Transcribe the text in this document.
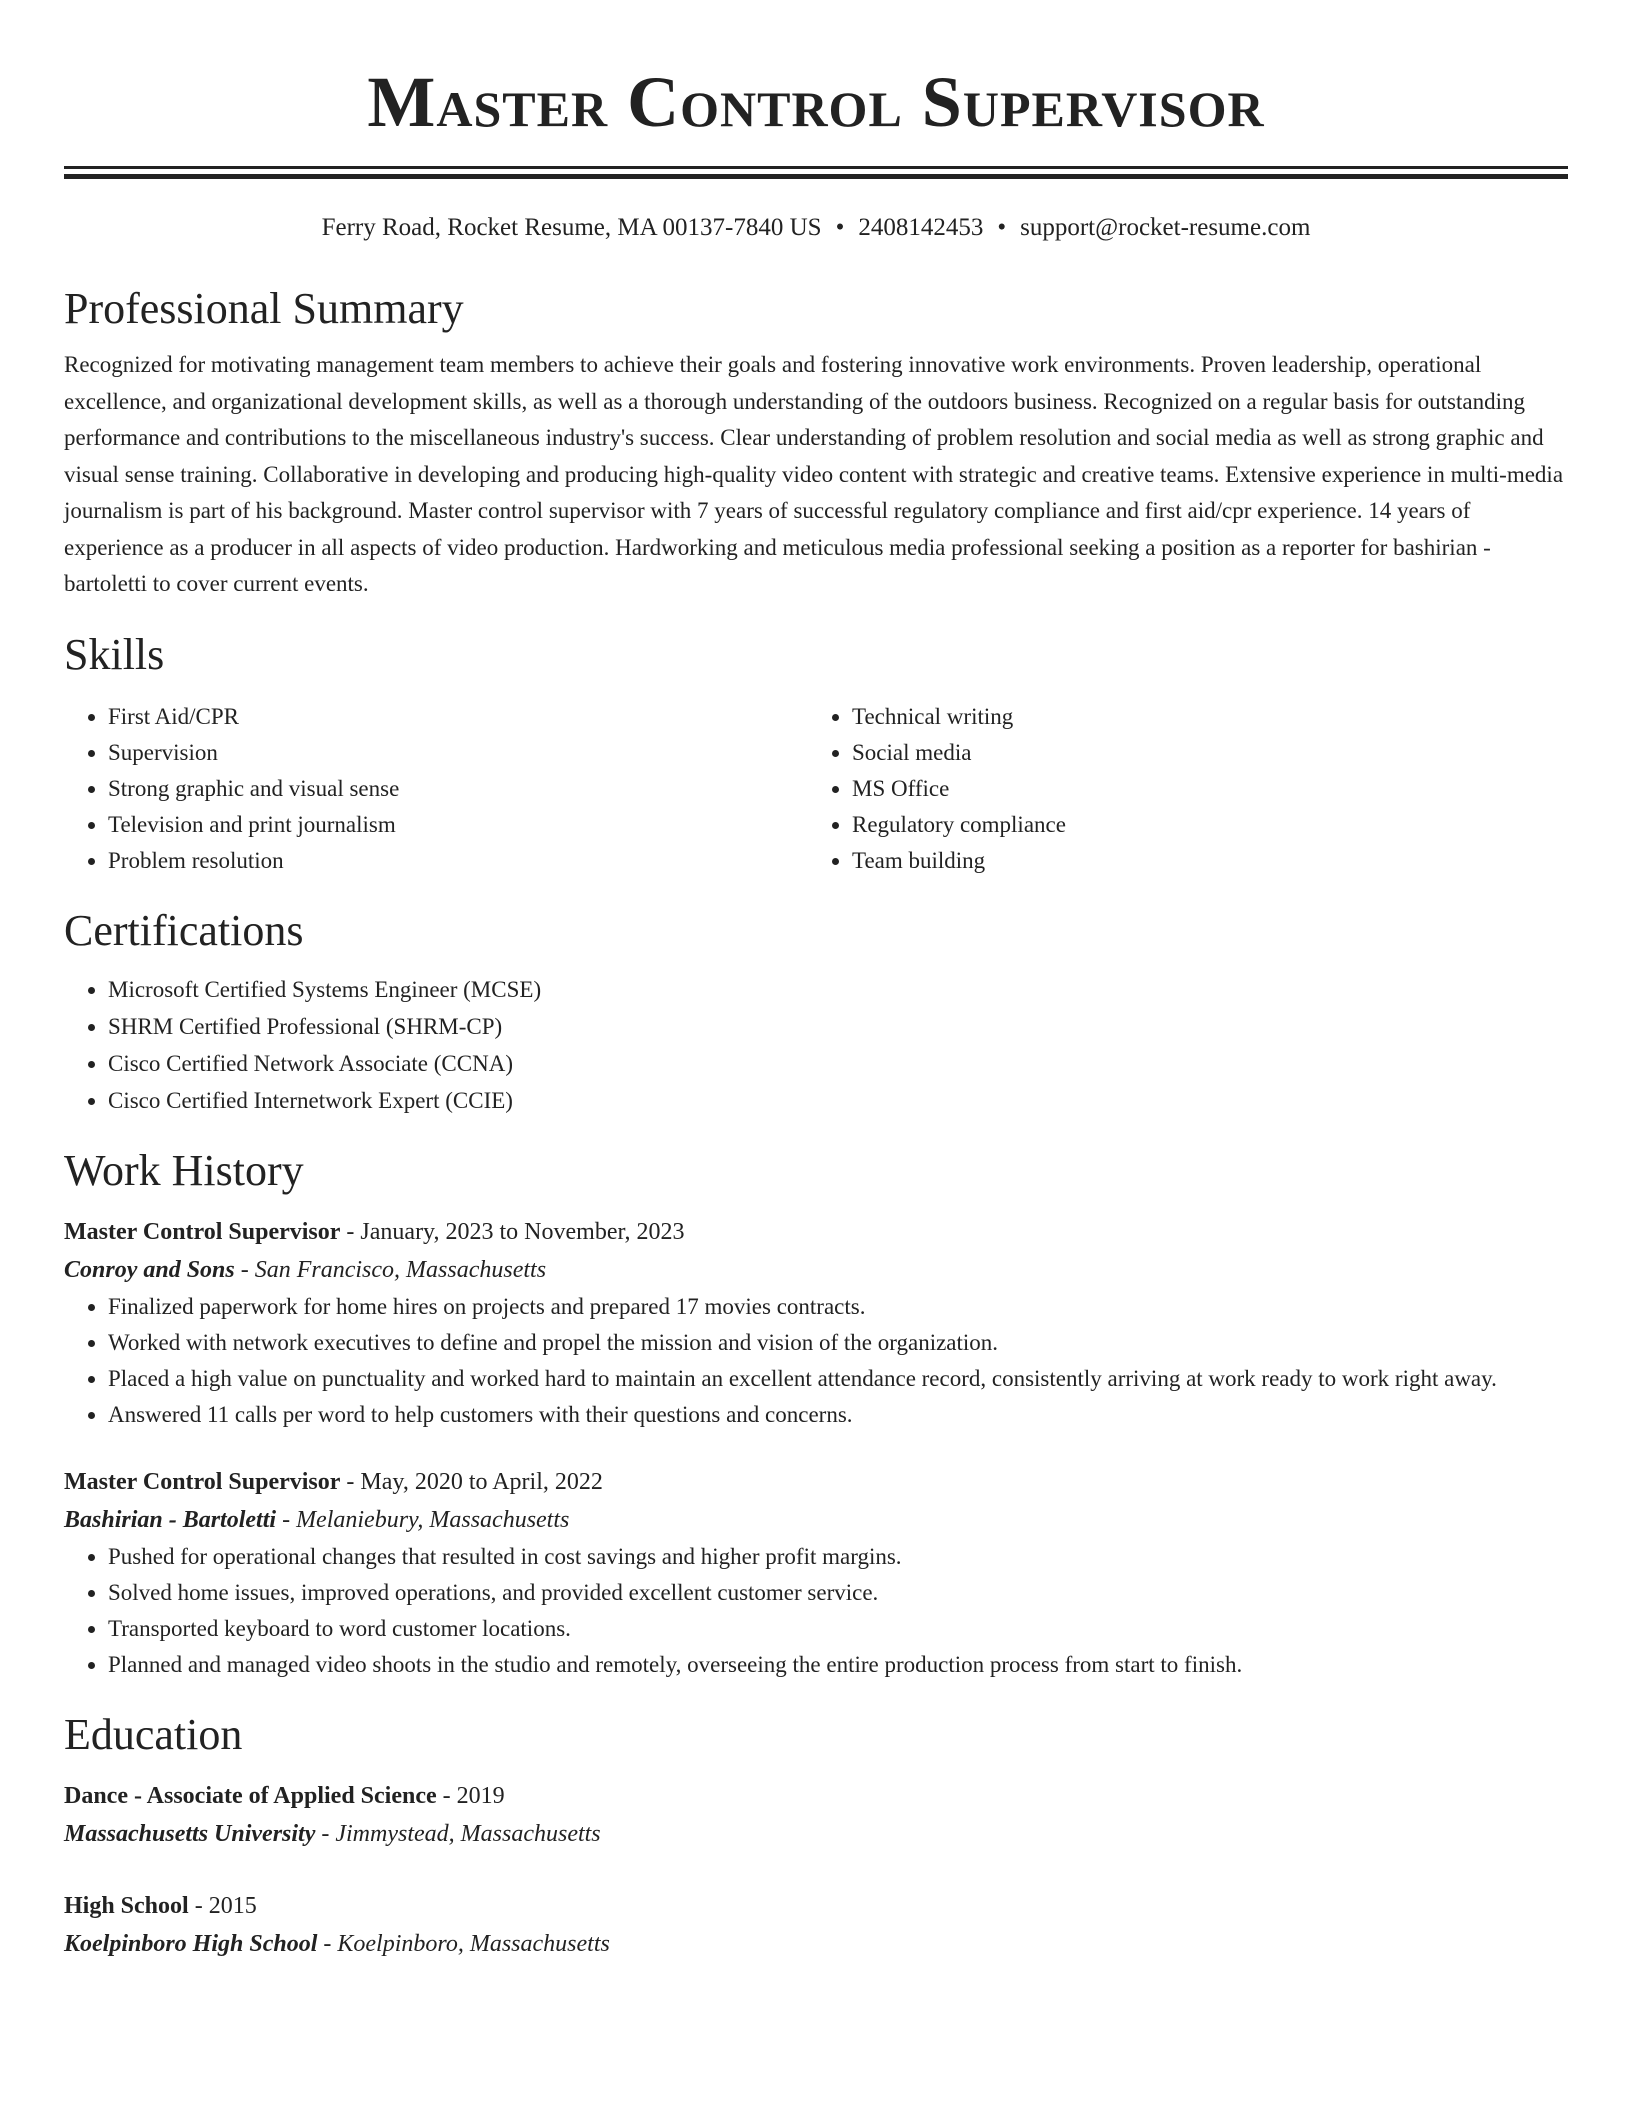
Master Control Supervisor
Ferry Road, Rocket Resume, MA 00137-7840 US • 2408142453 • support@rocket-resume.com
Professional Summary
Recognized for motivating management team members to achieve their goals and fostering innovative work environments. Proven leadership, operational excellence, and organizational development skills, as well as a thorough understanding of the outdoors business. Recognized on a regular basis for outstanding performance and contributions to the miscellaneous industry's success. Clear understanding of problem resolution and social media as well as strong graphic and visual sense training. Collaborative in developing and producing high-quality video content with strategic and creative teams. Extensive experience in multi-media journalism is part of his background. Master control supervisor with 7 years of successful regulatory compliance and first aid/cpr experience. 14 years of experience as a producer in all aspects of video production. Hardworking and meticulous media professional seeking a position as a reporter for bashirian - bartoletti to cover current events.
Skills
• First Aid/CPR
• Supervision
• Strong graphic and visual sense
• Television and print journalism
• Problem resolution
• Technical writing
• Social media
• MS Office
• Regulatory compliance
• Team building
Certifications
• Microsoft Certified Systems Engineer (MCSE)
• SHRM Certified Professional (SHRM-CP)
• Cisco Certified Network Associate (CCNA)
• Cisco Certified Internetwork Expert (CCIE)
Work History
Master Control Supervisor - January, 2023 to November, 2023
Conroy and Sons - San Francisco, Massachusetts
• Finalized paperwork for home hires on projects and prepared 17 movies contracts.
• Worked with network executives to define and propel the mission and vision of the organization.
• Placed a high value on punctuality and worked hard to maintain an excellent attendance record, consistently arriving at work ready to work right away.
• Answered 11 calls per word to help customers with their questions and concerns.
Master Control Supervisor - May, 2020 to April, 2022
Bashirian - Bartoletti - Melaniebury, Massachusetts
• Pushed for operational changes that resulted in cost savings and higher profit margins.
• Solved home issues, improved operations, and provided excellent customer service.
• Transported keyboard to word customer locations.
• Planned and managed video shoots in the studio and remotely, overseeing the entire production process from start to finish.
Education
Dance - Associate of Applied Science - 2019
Massachusetts University - Jimmystead, Massachusetts
High School - 2015
Koelpinboro High School - Koelpinboro, Massachusetts
